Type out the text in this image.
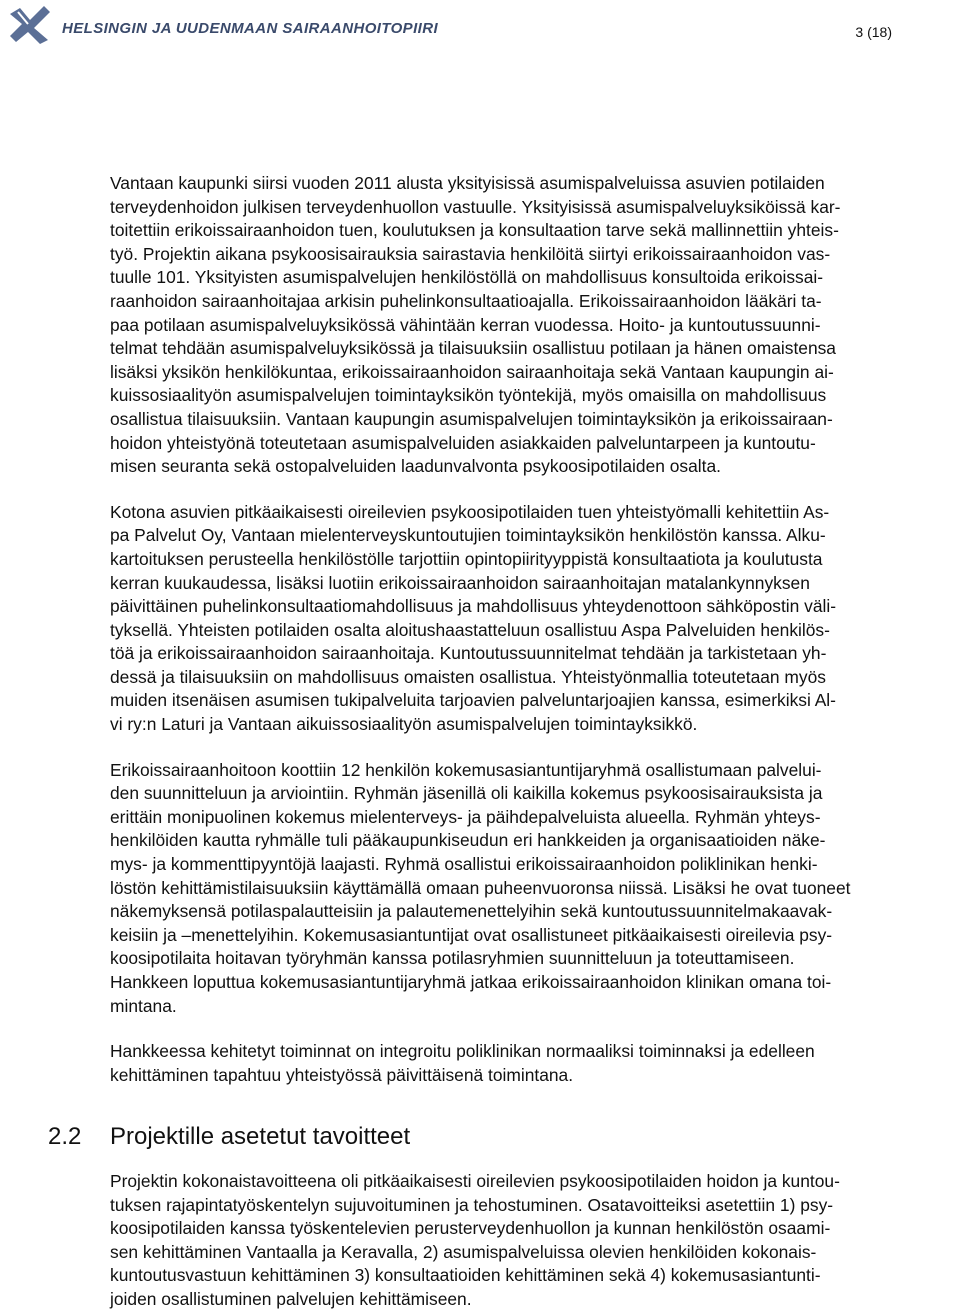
HELSINGIN JA UUDENMAAN SAIRAANHOITOPIIRI	3 (18)

Vantaan kaupunki siirsi vuoden 2011 alusta yksityisissä asumispalveluissa asuvien potilaiden
terveydenhoidon julkisen terveydenhuollon vastuulle. Yksityisissä asumispalveluyksiköissä kar-
toitettiin erikoissairaanhoidon tuen, koulutuksen ja konsultaation tarve sekä mallinnettiin yhteis-
työ. Projektin aikana psykoosisairauksia sairastavia henkilöitä siirtyi erikoissairaanhoidon vas-
tuulle 101. Yksityisten asumispalvelujen henkilöstöllä on mahdollisuus konsultoida erikoissai-
raanhoidon sairaanhoitajaa arkisin puhelinkonsultaatioajalla. Erikoissairaanhoidon lääkäri ta-
paa potilaan asumispalveluyksikössä vähintään kerran vuodessa. Hoito- ja kuntoutussuunni-
telmat tehdään asumispalveluyksikössä ja tilaisuuksiin osallistuu potilaan ja hänen omaistensa
lisäksi yksikön henkilökuntaa, erikoissairaanhoidon sairaanhoitaja sekä Vantaan kaupungin ai-
kuissosiaalityön asumispalvelujen toimintayksikön työntekijä, myös omaisilla on mahdollisuus
osallistua tilaisuuksiin. Vantaan kaupungin asumispalvelujen toimintayksikön ja erikoissairaan-
hoidon yhteistyönä toteutetaan asumispalveluiden asiakkaiden palveluntarpeen ja kuntoutu-
misen seuranta sekä ostopalveluiden laadunvalvonta psykoosipotilaiden osalta.

Kotona asuvien pitkäaikaisesti oireilevien psykoosipotilaiden tuen yhteistyömalli kehitettiin As-
pa Palvelut Oy, Vantaan mielenterveyskuntoutujien toimintayksikön henkilöstön kanssa. Alku-
kartoituksen perusteella henkilöstölle tarjottiin opintopiirityyppistä konsultaatiota ja koulutusta
kerran kuukaudessa, lisäksi luotiin erikoissairaanhoidon sairaanhoitajan matalankynnyksen
päivittäinen puhelinkonsultaatiomahdollisuus ja mahdollisuus yhteydenottoon sähköpostin väli-
tyksellä. Yhteisten potilaiden osalta aloitushaastatteluun osallistuu Aspa Palveluiden henkilös-
töä ja erikoissairaanhoidon sairaanhoitaja. Kuntoutussuunnitelmat tehdään ja tarkistetaan yh-
dessä ja tilaisuuksiin on mahdollisuus omaisten osallistua. Yhteistyönmallia toteutetaan myös
muiden itsenäisen asumisen tukipalveluita tarjoavien palveluntarjoajien kanssa, esimerkiksi Al-
vi ry:n Laturi ja Vantaan aikuissosiaalityön asumispalvelujen toimintayksikkö.

Erikoissairaanhoitoon koottiin 12 henkilön kokemusasiantuntijaryhmä osallistumaan palvelui-
den suunnitteluun ja arviointiin. Ryhmän jäsenillä oli kaikilla kokemus psykoosisairauksista ja
erittäin monipuolinen kokemus mielenterveys- ja päihdepalveluista alueella. Ryhmän yhteys-
henkilöiden kautta ryhmälle tuli pääkaupunkiseudun eri hankkeiden ja organisaatioiden näke-
mys- ja kommenttipyyntöjä laajasti. Ryhmä osallistui erikoissairaanhoidon poliklinikan henki-
löstön kehittämistilaisuuksiin käyttämällä omaan puheenvuoronsa niissä. Lisäksi he ovat tuoneet
näkemyksensä potilaspalautteisiin ja palautemenettelyihin sekä kuntoutussuunnitelmakaavak-
keisiin ja –menettelyihin. Kokemusasiantuntijat ovat osallistuneet pitkäaikaisesti oireilevia psy-
koosipotilaita hoitavan työryhmän kanssa potilasryhmien suunnitteluun ja toteuttamiseen.
Hankkeen loputtua kokemusasiantuntijaryhmä jatkaa erikoissairaanhoidon klinikan omana toi-
mintana.

Hankkeessa kehitetyt toiminnat on integroitu poliklinikan normaaliksi toiminnaksi ja edelleen
kehittäminen tapahtuu yhteistyössä päivittäisenä toimintana.

2.2 Projektille asetetut tavoitteet

Projektin kokonaistavoitteena oli pitkäaikaisesti oireilevien psykoosipotilaiden hoidon ja kuntou-
tuksen rajapintatyöskentelyn sujuvoituminen ja tehostuminen. Osatavoitteiksi asetettiin 1) psy-
koosipotilaiden kanssa työskentelevien perusterveydenhuollon ja kunnan henkilöstön osaami-
sen kehittäminen Vantaalla ja Keravalla, 2) asumispalveluissa olevien henkilöiden kokonais-
kuntoutusvastuun kehittäminen 3) konsultaatioiden kehittäminen sekä 4) kokemusasiantunti-
joiden osallistuminen palvelujen kehittämiseen.
